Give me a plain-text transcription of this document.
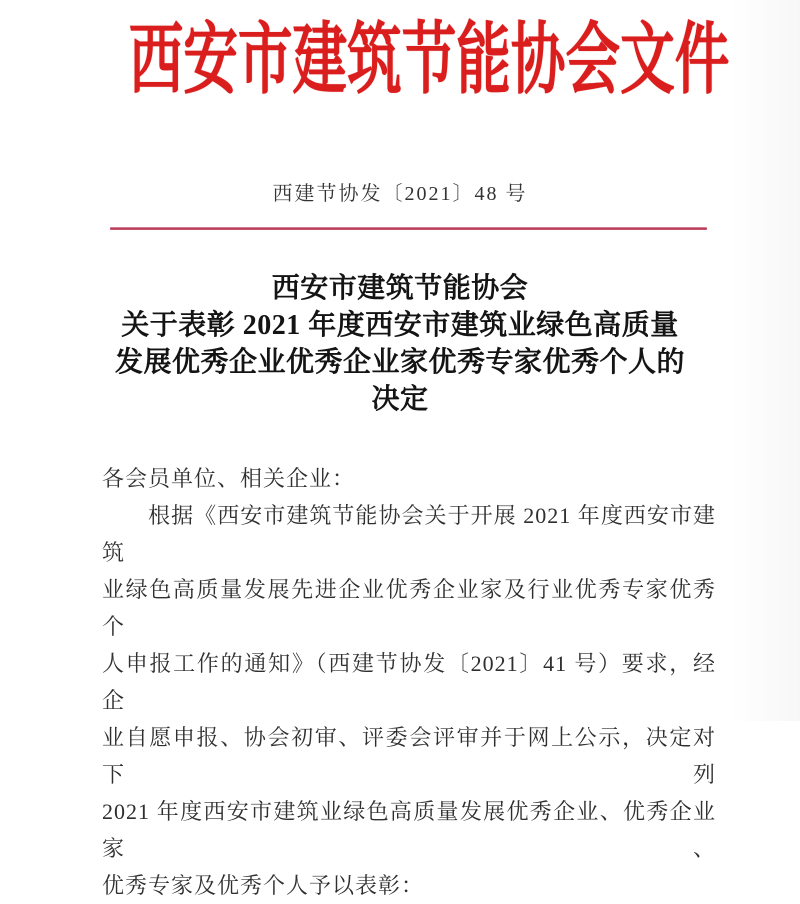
西安市建筑节能协会文件
西建节协发〔2021〕48 号
西安市建筑节能协会
关于表彰 2021 年度西安市建筑业绿色高质量
发展优秀企业优秀企业家优秀专家优秀个人的
决定
各会员单位、相关企业：
　　根据《西安市建筑节能协会关于开展 2021 年度西安市建筑
业绿色高质量发展先进企业优秀企业家及行业优秀专家优秀个
人申报工作的通知》（西建节协发〔2021〕41 号）要求，经企
业自愿申报、协会初审、评委会评审并于网上公示，决定对下列
2021 年度西安市建筑业绿色高质量发展优秀企业、优秀企业家、
优秀专家及优秀个人予以表彰：
